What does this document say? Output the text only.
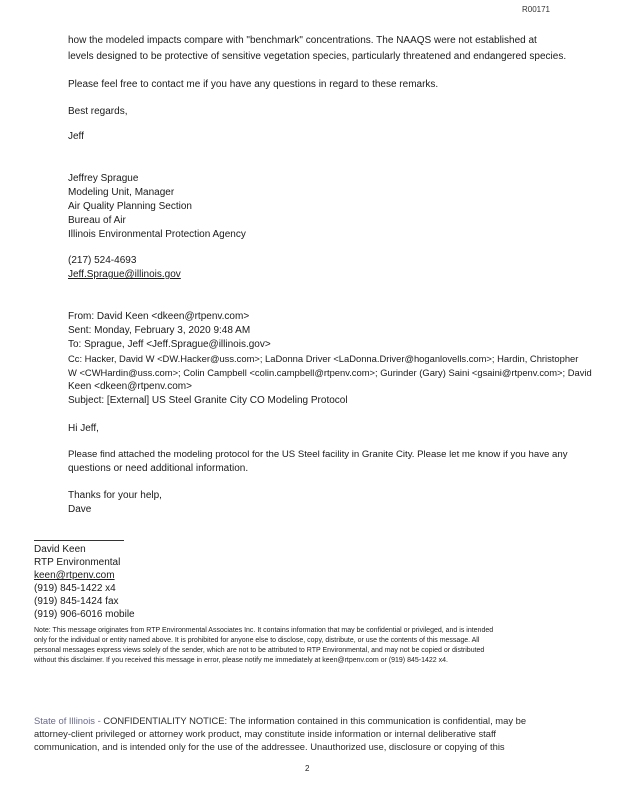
R00171
how the modeled impacts compare with "benchmark" concentrations. The NAAQS were not established at
levels designed to be protective of sensitive vegetation species, particularly threatened and endangered species.
Please feel free to contact me if you have any questions in regard to these remarks.
Best regards,
Jeff
Jeffrey Sprague
Modeling Unit, Manager
Air Quality Planning Section
Bureau of Air
Illinois Environmental Protection Agency
(217) 524-4693
Jeff.Sprague@illinois.gov
From: David Keen <dkeen@rtpenv.com>
Sent: Monday, February 3, 2020 9:48 AM
To: Sprague, Jeff <Jeff.Sprague@illinois.gov>
Cc: Hacker, David W <DW.Hacker@uss.com>; LaDonna Driver <LaDonna.Driver@hoganlovells.com>; Hardin, Christopher
W <CWHardin@uss.com>; Colin Campbell <colin.campbell@rtpenv.com>; Gurinder (Gary) Saini <gsaini@rtpenv.com>; David
Keen <dkeen@rtpenv.com>
Subject: [External] US Steel Granite City CO Modeling Protocol
Hi Jeff,
Please find attached the modeling protocol for the US Steel facility in Granite City. Please let me know if you have any
questions or need additional information.
Thanks for your help,
Dave
David Keen
RTP Environmental
keen@rtpenv.com
(919) 845-1422 x4
(919) 845-1424 fax
(919) 906-6016 mobile
Note: This message originates from RTP Environmental Associates Inc. It contains information that may be confidential or privileged, and is intended
only for the individual or entity named above. It is prohibited for anyone else to disclose, copy, distribute, or use the contents of this message. All
personal messages express views solely of the sender, which are not to be attributed to RTP Environmental, and may not be copied or distributed
without this disclaimer. If you received this message in error, please notify me immediately at keen@rtpenv.com or (919) 845-1422 x4.
State of Illinois - CONFIDENTIALITY NOTICE: The information contained in this communication is confidential, may be
attorney-client privileged or attorney work product, may constitute inside information or internal deliberative staff
communication, and is intended only for the use of the addressee. Unauthorized use, disclosure or copying of this
2
